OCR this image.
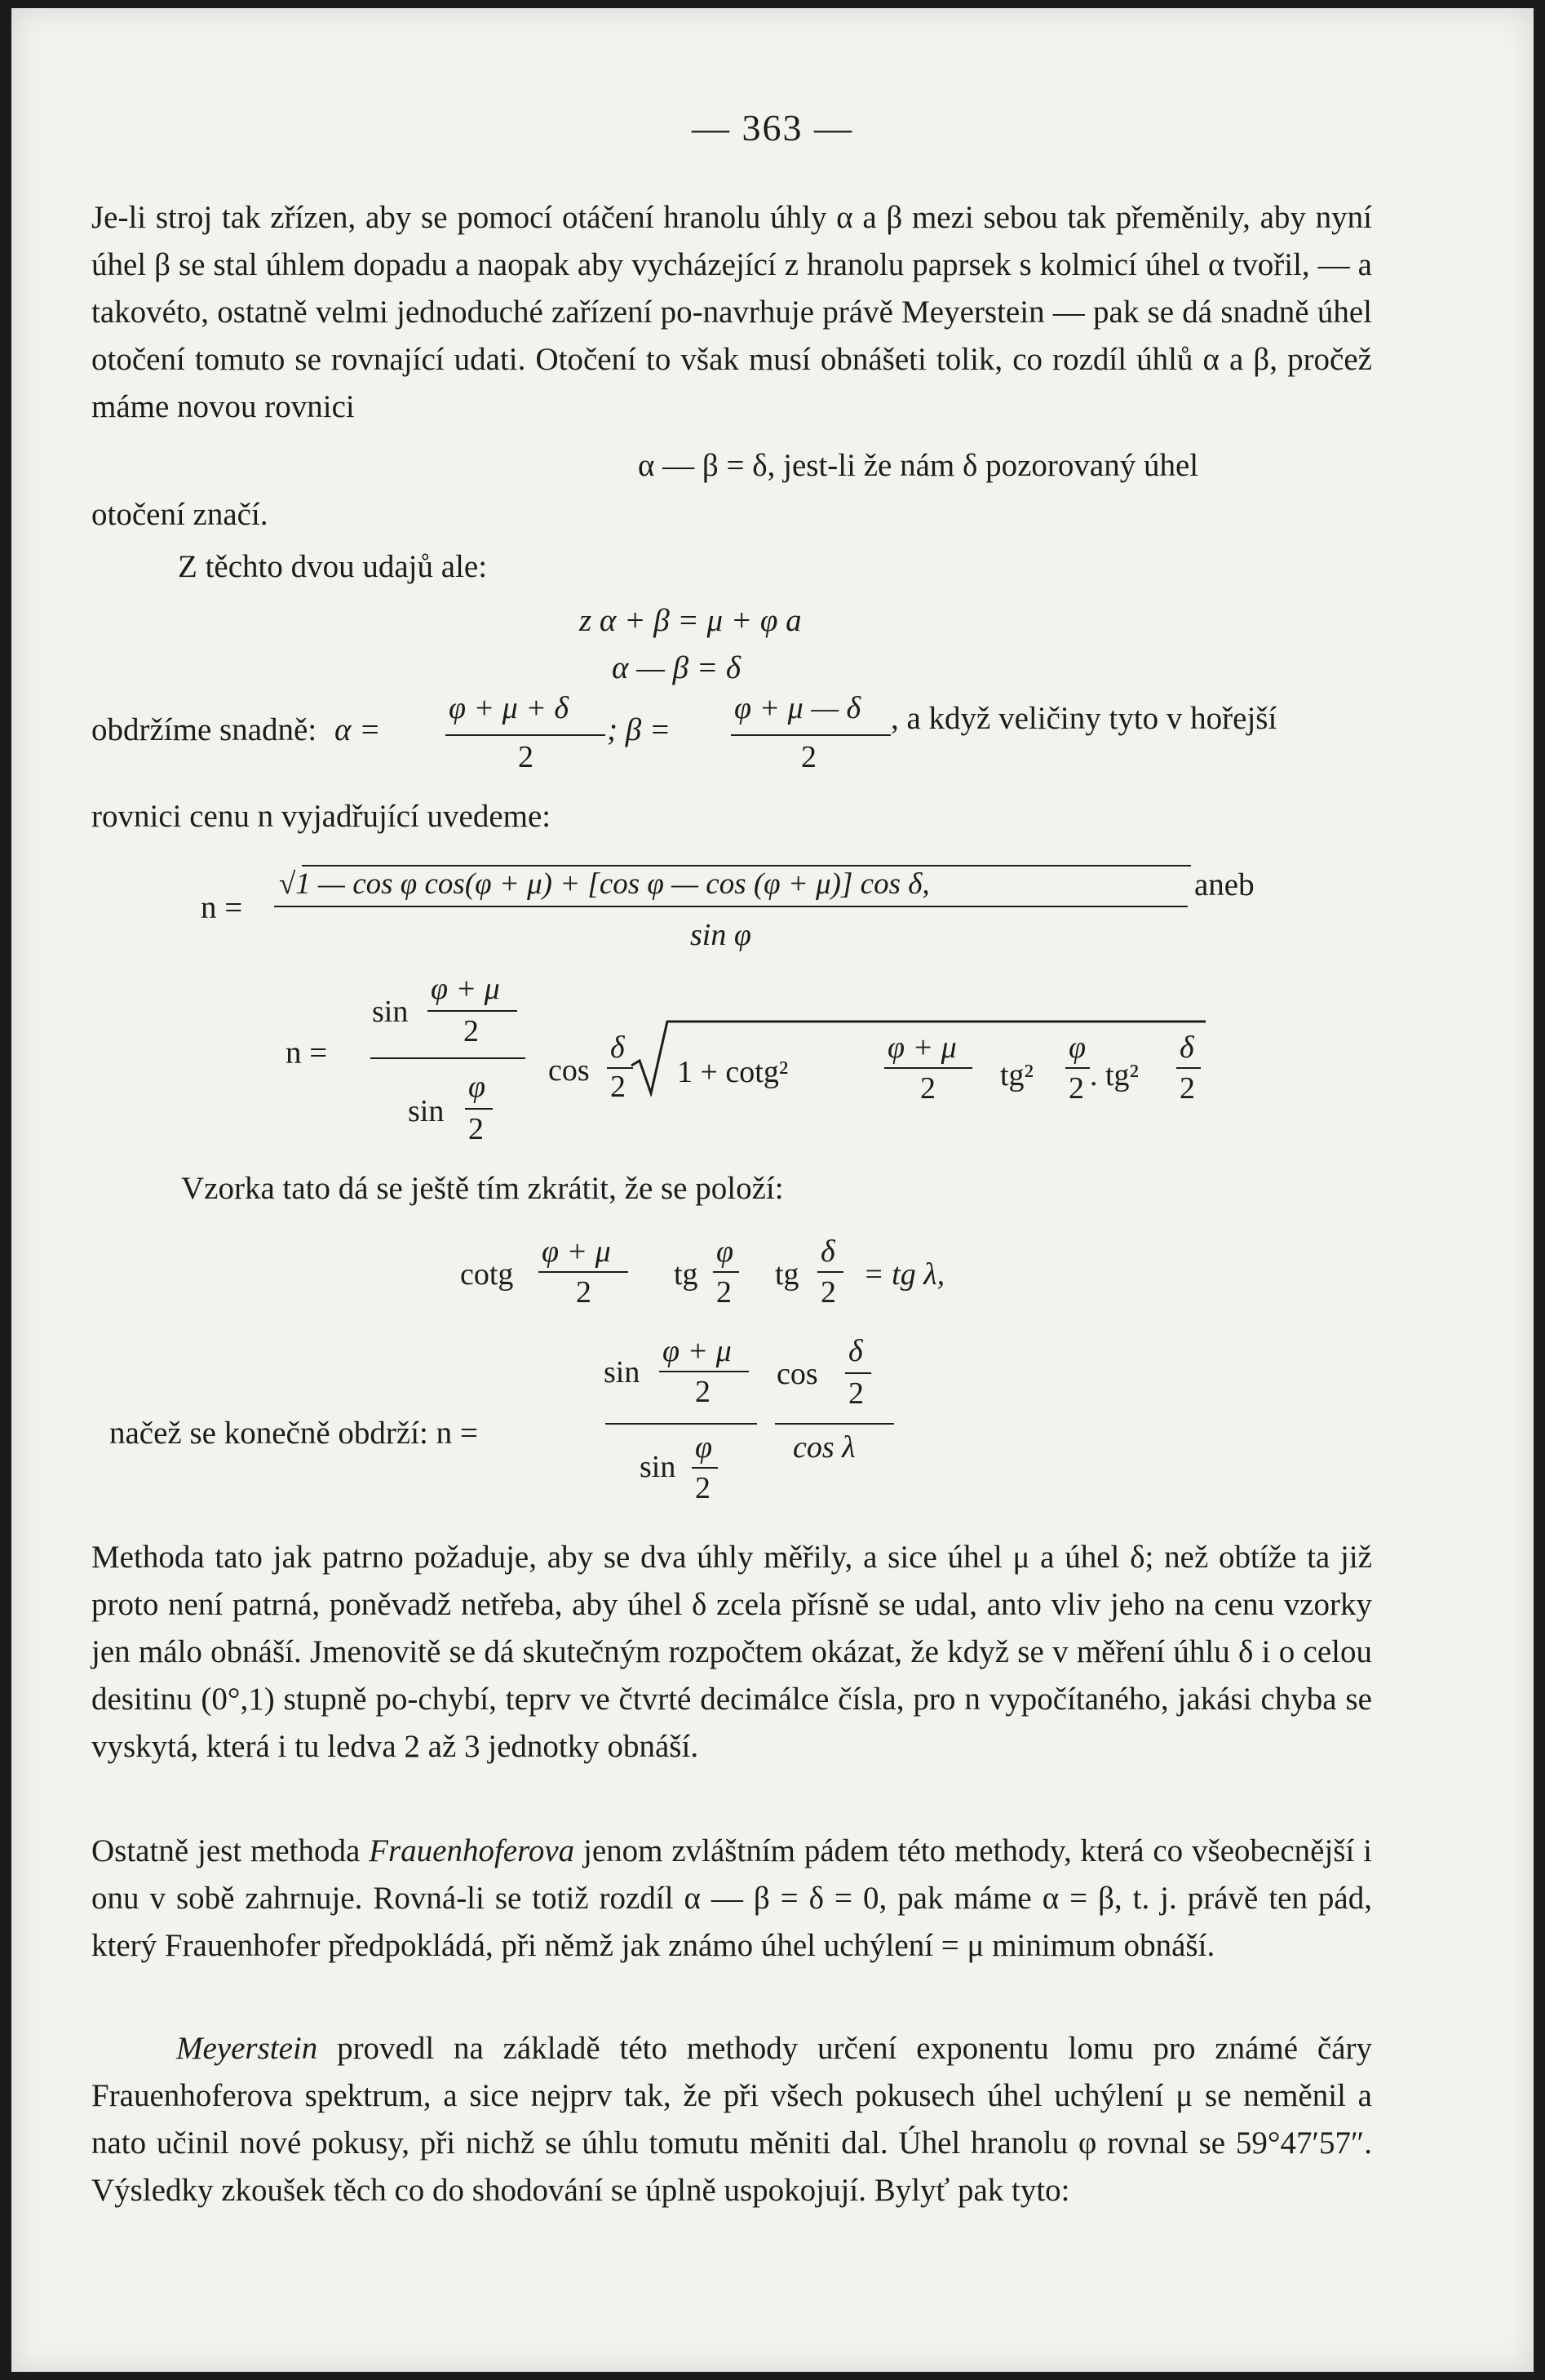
— 363 —
Je-li stroj tak zřízen, aby se pomocí otáčení hranolu úhly α a β mezi sebou tak přeměnily, aby nyní úhel β se stal úhlem dopadu a naopak aby vycházející z hranolu paprsek s kolmicí úhel α tvořil, — a takovéto, ostatně velmi jednoduché zařízení po-navrhuje právě Meyerstein — pak se dá snadně úhel otočení tomuto se rovnající udati. Otočení to však musí obnášeti tolik, co rozdíl úhlů α a β, pročež máme novou rovnici
α — β = δ, jest-li že nám δ pozorovaný úhel
otočení značí.
Z těchto dvou udajů ale:
z α + β = μ + φ a
α — β = δ
obdržíme snadně: α =
φ + μ + δ
2
; β =
φ + μ — δ
2
, a když veličiny tyto v hořejší
rovnici cenu n vyjadřující uvedeme:
n =
√1 — cos φ cos(φ + μ) + [cos φ — cos (φ + μ)] cos δ,
sin φ
aneb
n =
sin
φ + μ
2
sin
φ
2
cos
δ
2 1 + cotg²
φ + μ
2 tg²
φ
2 . tg²
δ
2
Vzorka tato dá se ještě tím zkrátit, že se položí:
cotg
φ + μ
2
tg
φ
2
tg
δ
2
= tg λ,
načež se konečně obdrží: n =
sin
φ + μ
2
sin
φ
2
cos
δ
2
cos λ
Methoda tato jak patrno požaduje, aby se dva úhly měřily, a sice úhel μ a úhel δ; než obtíže ta již proto není patrná, poněvadž netřeba, aby úhel δ zcela přísně se udal, anto vliv jeho na cenu vzorky jen málo obnáší. Jmenovitě se dá skutečným rozpočtem okázat, že když se v měření úhlu δ i o celou desitinu (0°,1) stupně po-chybí, teprv ve čtvrté decimálce čísla, pro n vypočítaného, jakási chyba se vyskytá, která i tu ledva 2 až 3 jednotky obnáší.
Ostatně jest methoda Frauenhoferova jenom zvláštním pádem této methody, která co všeobecnější i onu v sobě zahrnuje. Rovná-li se totiž rozdíl α — β = δ = 0, pak máme α = β, t. j. právě ten pád, který Frauenhofer předpokládá, při němž jak známo úhel uchýlení = μ minimum obnáší.
Meyerstein provedl na základě této methody určení exponentu lomu pro známé čáry Frauenhoferova spektrum, a sice nejprv tak, že při všech pokusech úhel uchýlení μ se neměnil a nato učinil nové pokusy, při nichž se úhlu tomutu měniti dal. Úhel hranolu φ rovnal se 59°47′57″. Výsledky zkoušek těch co do shodování se úplně uspokojují. Bylyť pak tyto:
